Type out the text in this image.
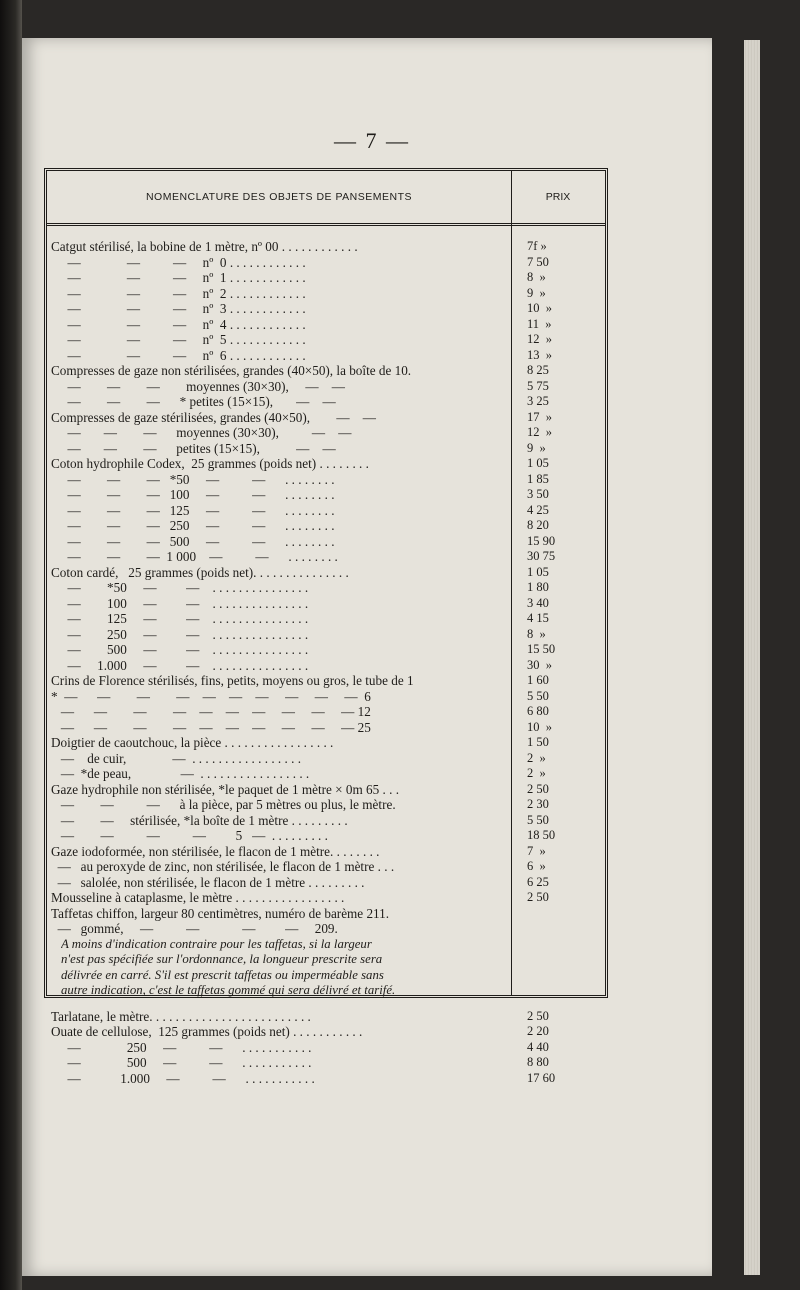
— 7 —
NOMENCLATURE DES OBJETS DE PANSEMENTS	PRIX
Catgut stérilisé, la bobine de 1 mètre, nº 00 . . . . . . . . . . . .	7f »
—              —          —     nº  0 . . . . . . . . . . . .	7 50
—              —          —     nº  1 . . . . . . . . . . . .	8  »
—              —          —     nº  2 . . . . . . . . . . . .	9  »
—              —          —     nº  3 . . . . . . . . . . . .	10  »
—              —          —     nº  4 . . . . . . . . . . . .	11  »
—              —          —     nº  5 . . . . . . . . . . . .	12  »
—              —          —     nº  6 . . . . . . . . . . . .	13  »
Compresses de gaze non stérilisées, grandes (40×50), la boîte de 10.	8 25
—        —        —        moyennes (30×30),     —    —	5 75
—        —        —      * petites (15×15),       —    —	3 25
Compresses de gaze stérilisées, grandes (40×50),        —    —	17  »
—       —        —      moyennes (30×30),          —    —	12  »
—       —        —      petites (15×15),           —    —	9  »
Coton hydrophile Codex,  25 grammes (poids net) . . . . . . . .	1 05
—        —        —   *50     —          —      . . . . . . . .	1 85
—        —        —   100     —          —      . . . . . . . .	3 50
—        —        —   125     —          —      . . . . . . . .	4 25
—        —        —   250     —          —      . . . . . . . .	8 20
—        —        —   500     —          —      . . . . . . . .	15 90
—        —        —  1 000    —          —      . . . . . . . .	30 75
Coton cardé,   25 grammes (poids net). . . . . . . . . . . . . . .	1 05
—        *50     —         —    . . . . . . . . . . . . . . .	1 80
—        100     —         —    . . . . . . . . . . . . . . .	3 40
—        125     —         —    . . . . . . . . . . . . . . .	4 15
—        250     —         —    . . . . . . . . . . . . . . .	8  »
—        500     —         —    . . . . . . . . . . . . . . .	15 50
—     1.000     —         —    . . . . . . . . . . . . . . .	30  »
Crins de Florence stérilisés, fins, petits, moyens ou gros, le tube de 1	1 60
*  —      —        —        —    —    —    —     —     —     —  6	5 50
—      —        —        —    —    —    —     —     —     — 12	6 80
—      —        —        —    —    —    —     —     —     — 25	10  »
Doigtier de caoutchouc, la pièce . . . . . . . . . . . . . . . . .	1 50
—    de cuir,              —  . . . . . . . . . . . . . . . . .	2  »
—  *de peau,               —  . . . . . . . . . . . . . . . . .	2  »
Gaze hydrophile non stérilisée, *le paquet de 1 mètre × 0m 65 . . .	2 50
—        —          —      à la pièce, par 5 mètres ou plus, le mètre.	2 30
—        —     stérilisée, *la boîte de 1 mètre . . . . . . . . .	5 50
—        —          —          —         5   —  . . . . . . . . .	18 50
Gaze iodoformée, non stérilisée, le flacon de 1 mètre. . . . . . . .	7  »
—   au peroxyde de zinc, non stérilisée, le flacon de 1 mètre . . .	6  »
—   salolée, non stérilisée, le flacon de 1 mètre . . . . . . . . .	6 25
Mousseline à cataplasme, le mètre . . . . . . . . . . . . . . . . .	2 50
Taffetas chiffon, largeur 80 centimètres, numéro de barème 211.
—   gommé,     —          —             —         —     209.
A moins d'indication contraire pour les taffetas, si la largeur
n'est pas spécifiée sur l'ordonnance, la longueur prescrite sera
délivrée en carré. S'il est prescrit taffetas ou imperméable sans
autre indication, c'est le taffetas gommé qui sera délivré et tarifé.
Tarlatane, le mètre. . . . . . . . . . . . . . . . . . . . . . . . .	2 50
Ouate de cellulose,  125 grammes (poids net) . . . . . . . . . . .	2 20
—              250     —          —      . . . . . . . . . . .	4 40
—              500     —          —      . . . . . . . . . . .	8 80
—            1.000     —          —      . . . . . . . . . . .	17 60
